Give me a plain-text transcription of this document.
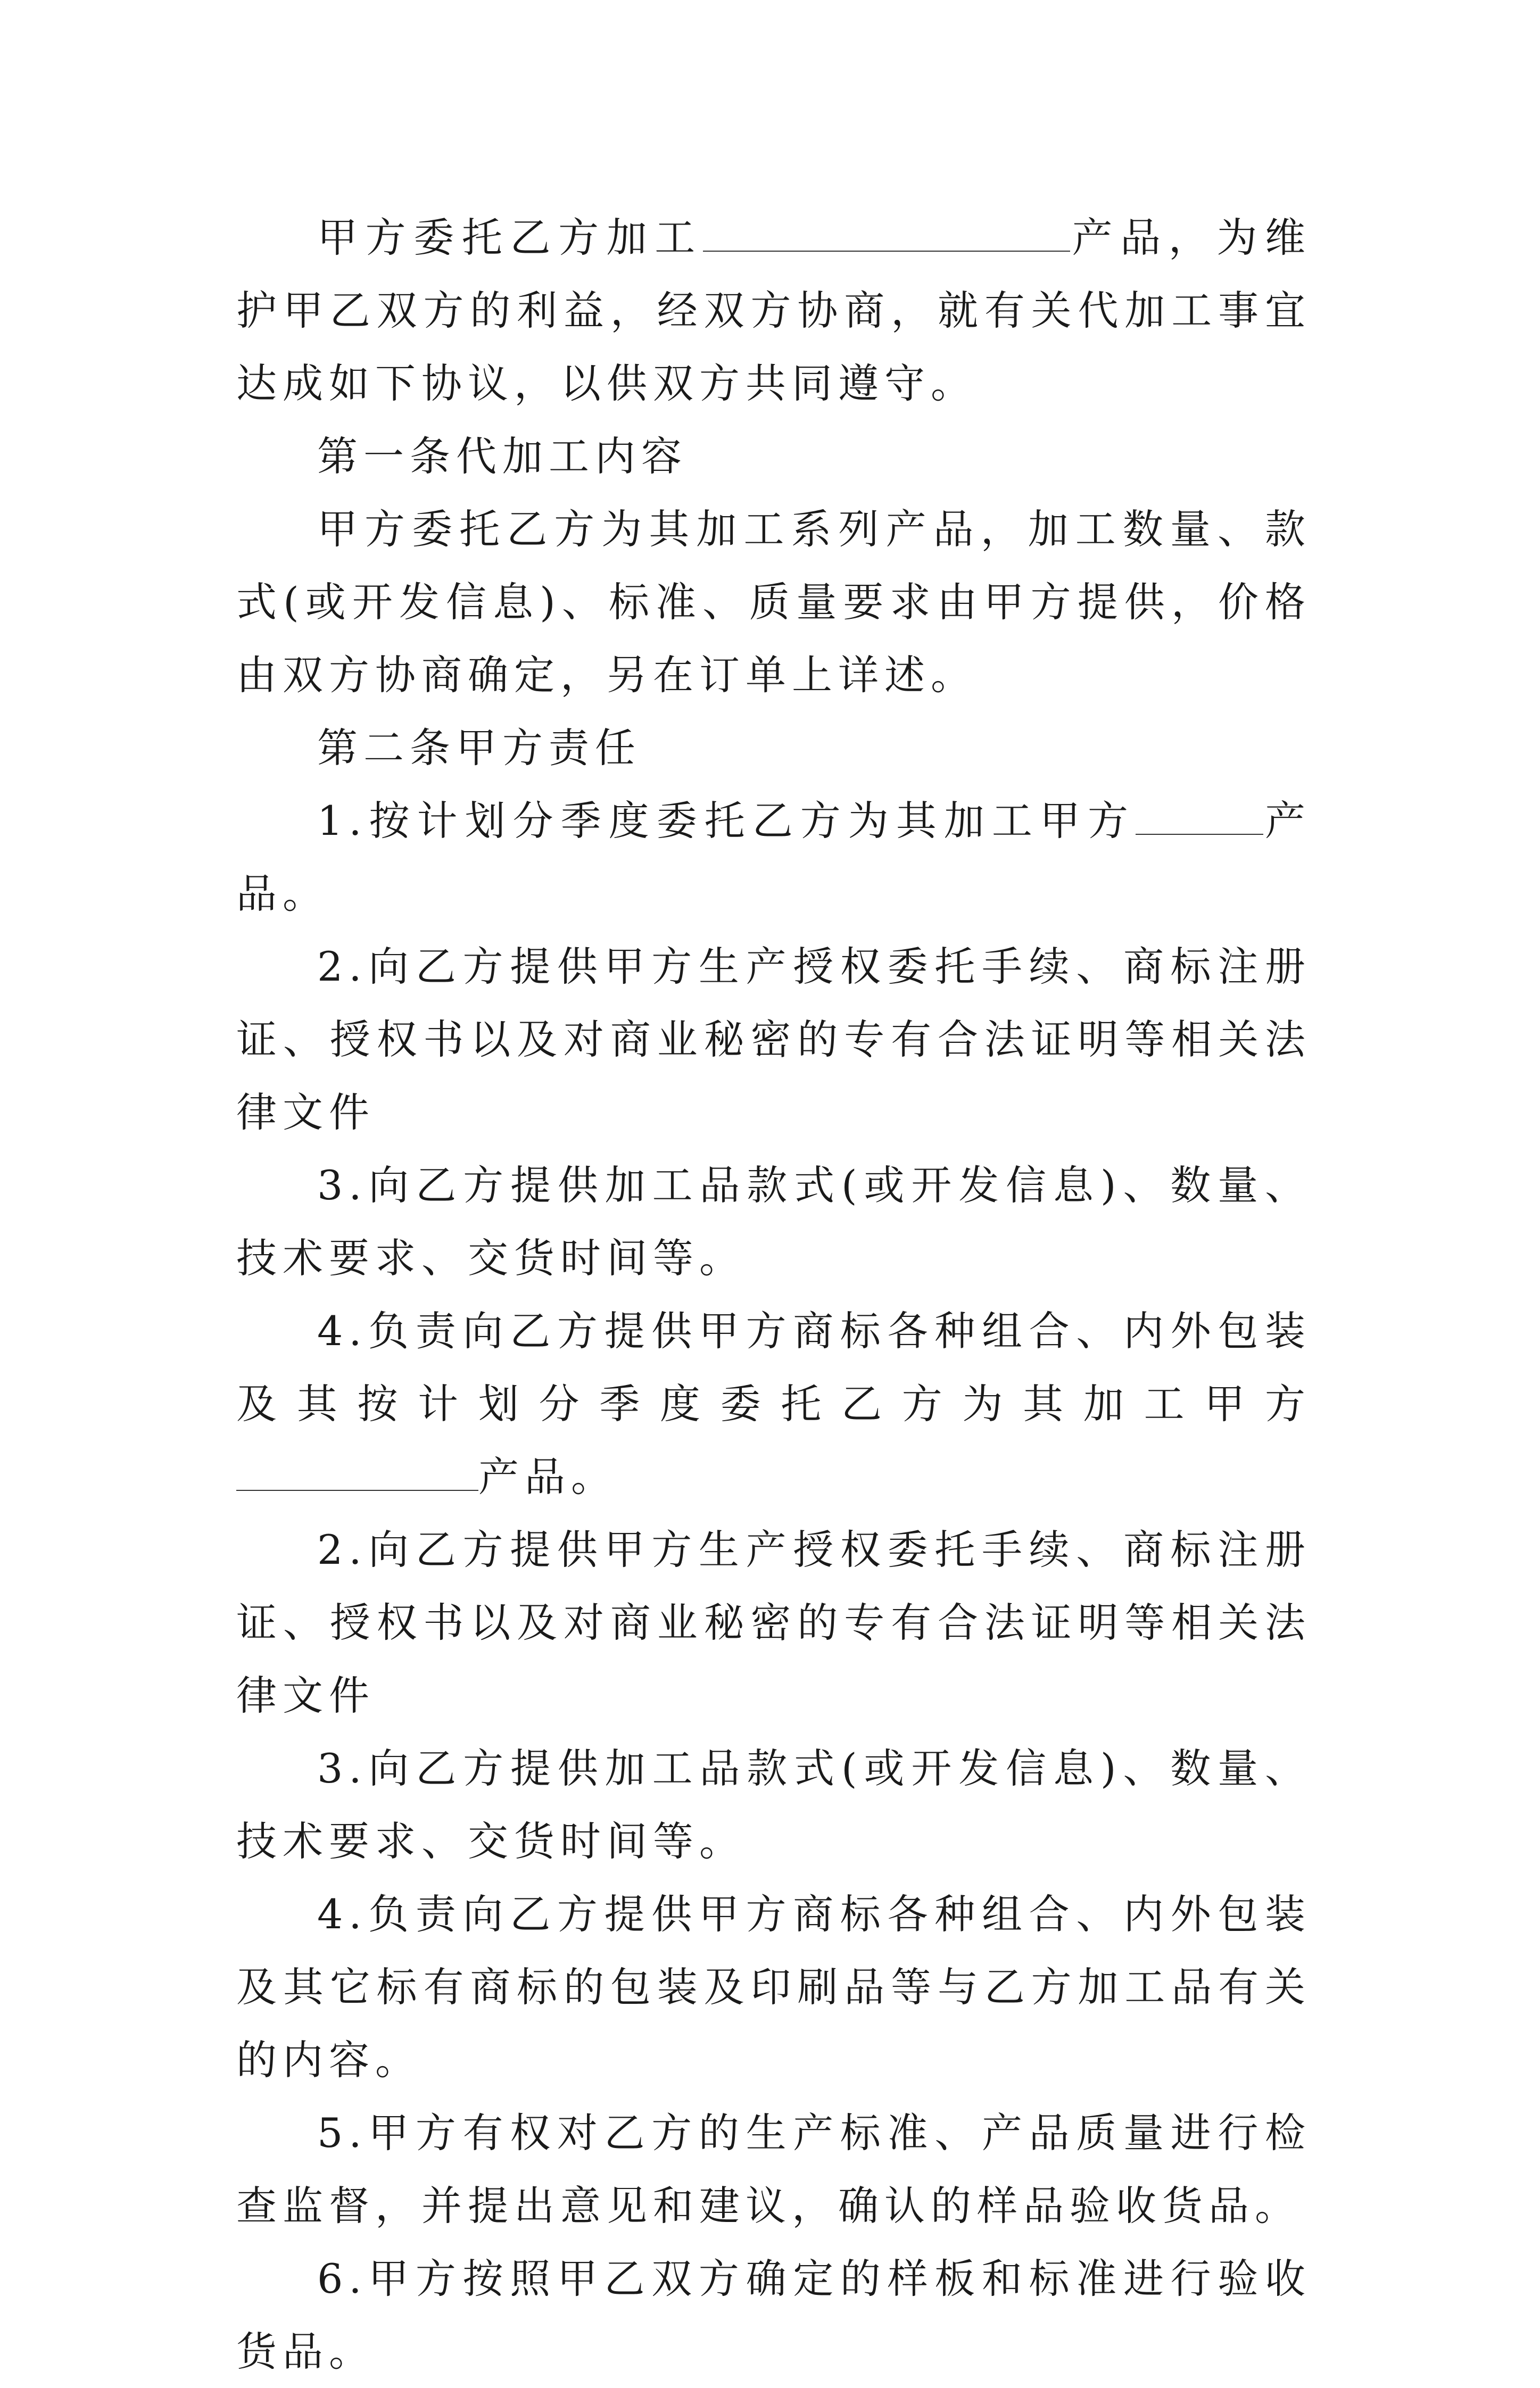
甲方委托乙方加工	产品，为维护甲乙双方的利益，经双方协商，就有关代加工事宜达成如下协议，以供双方共同遵守。

第一条代加工内容

甲方委托乙方为其加工系列产品，加工数量、款式(或开发信息)、标准、质量要求由甲方提供，价格由双方协商确定，另在订单上详述。

第二条甲方责任

1.按计划分季度委托乙方为其加工甲方	产品。

2.向乙方提供甲方生产授权委托手续、商标注册证、授权书以及对商业秘密的专有合法证明等相关法律文件

3.向乙方提供加工品款式(或开发信息)、数量、技术要求、交货时间等。

4.负责向乙方提供甲方商标各种组合、内外包装及其按计划分季度委托乙方为其加工甲方产品。

2.向乙方提供甲方生产授权委托手续、商标注册证、授权书以及对商业秘密的专有合法证明等相关法律文件

3.向乙方提供加工品款式(或开发信息)、数量、技术要求、交货时间等。

4.负责向乙方提供甲方商标各种组合、内外包装及其它标有商标的包装及印刷品等与乙方加工品有关的内容。

5.甲方有权对乙方的生产标准、产品质量进行检查监督，并提出意见和建议，确认的样品验收货品。

6.甲方按照甲乙双方确定的样板和标准进行验收货品。
